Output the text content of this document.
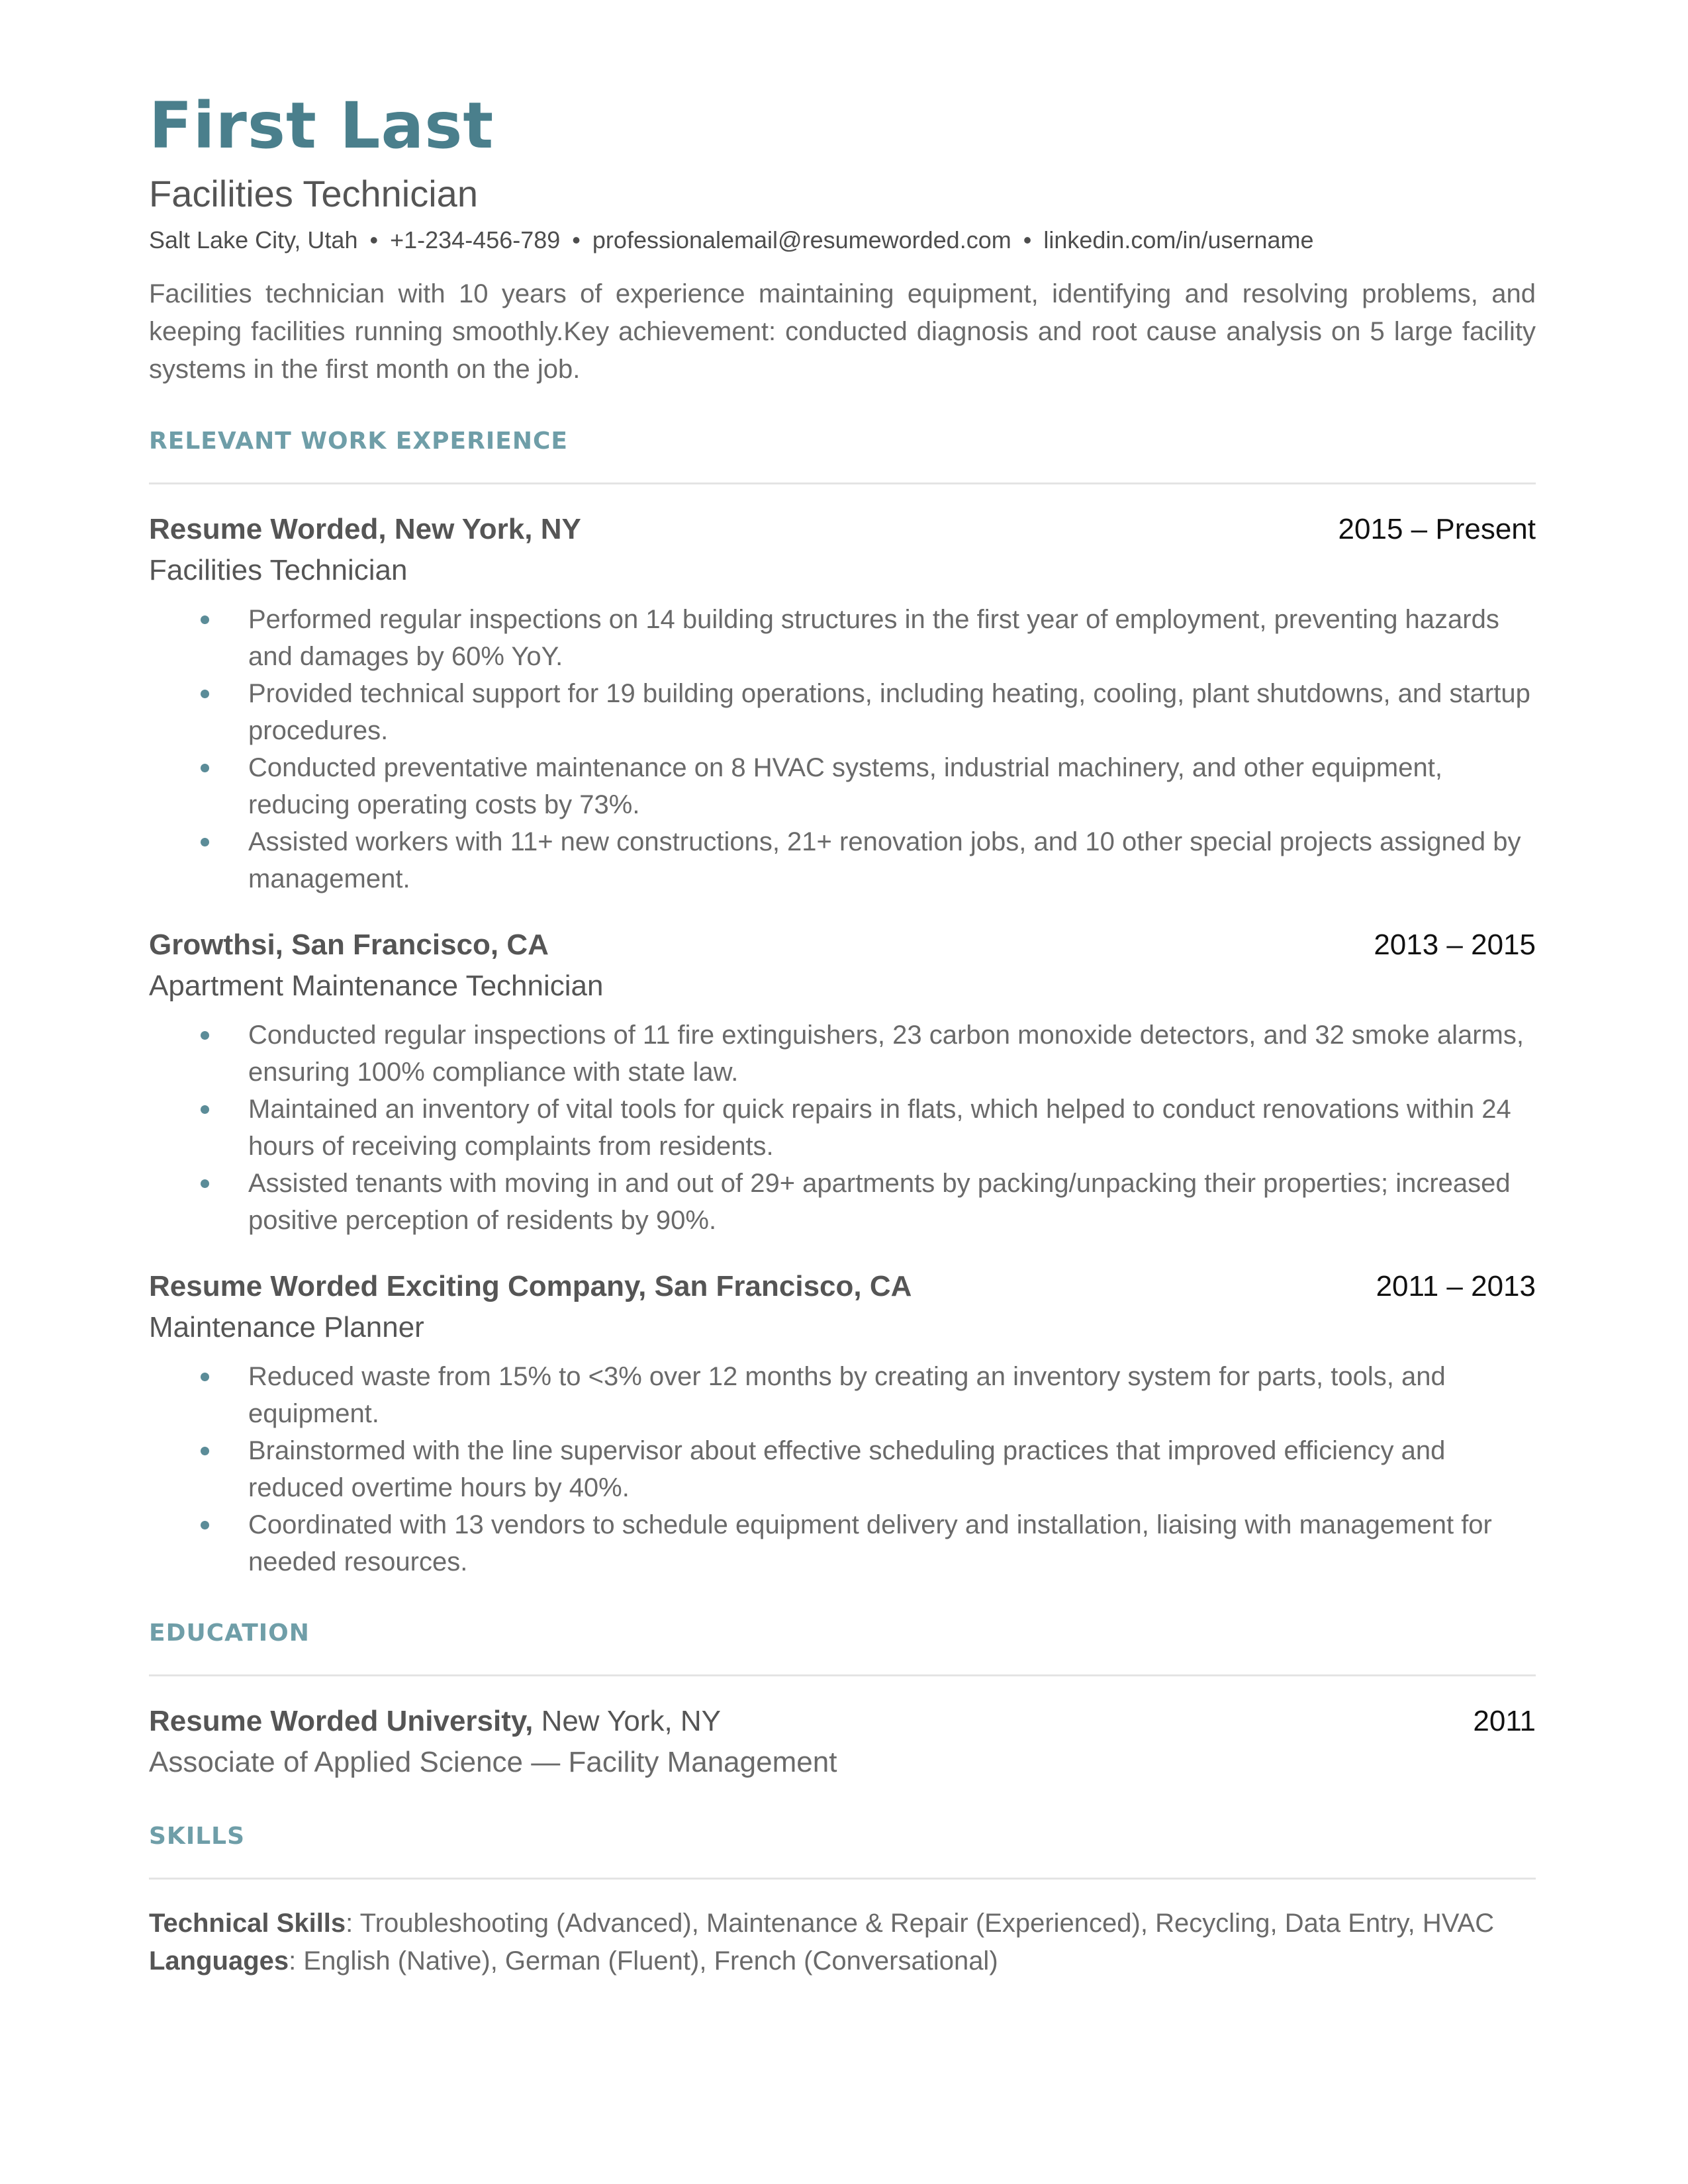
First Last
Facilities Technician
Salt Lake City, Utah • +1-234-456-789 • professionalemail@resumeworded.com • linkedin.com/in/username
Facilities technician with 10 years of experience maintaining equipment, identifying and resolving problems, and keeping facilities running smoothly.Key achievement: conducted diagnosis and root cause analysis on 5 large facility systems in the first month on the job.
RELEVANT WORK EXPERIENCE
Resume Worded, New York, NY	2015 – Present
Facilities Technician
Performed regular inspections on 14 building structures in the first year of employment, preventing hazards and damages by 60% YoY.
Provided technical support for 19 building operations, including heating, cooling, plant shutdowns, and startup procedures.
Conducted preventative maintenance on 8 HVAC systems, industrial machinery, and other equipment, reducing operating costs by 73%.
Assisted workers with 11+ new constructions, 21+ renovation jobs, and 10 other special projects assigned by management.
Growthsi, San Francisco, CA	2013 – 2015
Apartment Maintenance Technician
Conducted regular inspections of 11 fire extinguishers, 23 carbon monoxide detectors, and 32 smoke alarms, ensuring 100% compliance with state law.
Maintained an inventory of vital tools for quick repairs in flats, which helped to conduct renovations within 24 hours of receiving complaints from residents.
Assisted tenants with moving in and out of 29+ apartments by packing/unpacking their properties; increased positive perception of residents by 90%.
Resume Worded Exciting Company, San Francisco, CA	2011 – 2013
Maintenance Planner
Reduced waste from 15% to <3% over 12 months by creating an inventory system for parts, tools, and equipment.
Brainstormed with the line supervisor about effective scheduling practices that improved efficiency and reduced overtime hours by 40%.
Coordinated with 13 vendors to schedule equipment delivery and installation, liaising with management for needed resources.
EDUCATION
Resume Worded University, New York, NY	2011
Associate of Applied Science — Facility Management
SKILLS
Technical Skills: Troubleshooting (Advanced), Maintenance & Repair (Experienced), Recycling, Data Entry, HVAC
Languages: English (Native), German (Fluent), French (Conversational)
